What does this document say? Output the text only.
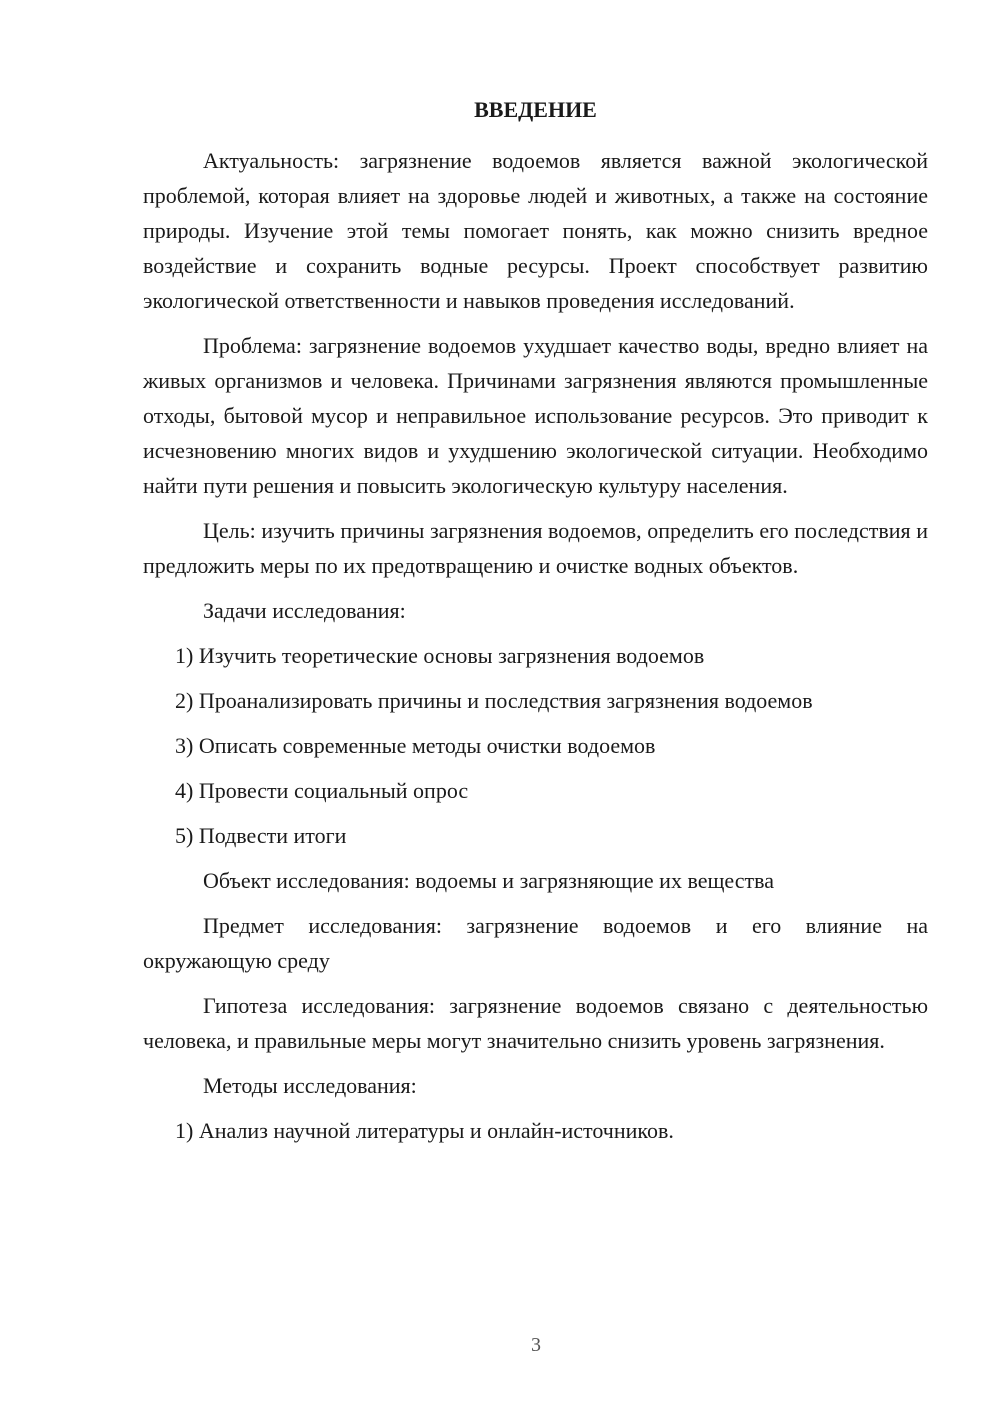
ВВЕДЕНИЕ

Актуальность: загрязнение водоемов является важной экологической проблемой, которая влияет на здоровье людей и животных, а также на состояние природы. Изучение этой темы помогает понять, как можно снизить вредное воздействие и сохранить водные ресурсы. Проект способствует развитию экологической ответственности и навыков проведения исследований.

Проблема: загрязнение водоемов ухудшает качество воды, вредно влияет на живых организмов и человека. Причинами загрязнения являются промышленные отходы, бытовой мусор и неправильное использование ресурсов. Это приводит к исчезновению многих видов и ухудшению экологической ситуации. Необходимо найти пути решения и повысить экологическую культуру населения.

Цель: изучить причины загрязнения водоемов, определить его последствия и предложить меры по их предотвращению и очистке водных объектов.

Задачи исследования:

1) Изучить теоретические основы загрязнения водоемов

2) Проанализировать причины и последствия загрязнения водоемов

3) Описать современные методы очистки водоемов

4) Провести социальный опрос

5) Подвести итоги

Объект исследования: водоемы и загрязняющие их вещества

Предмет исследования: загрязнение водоемов и его влияние на окружающую среду

Гипотеза исследования: загрязнение водоемов связано с деятельностью человека, и правильные меры могут значительно снизить уровень загрязнения.

Методы исследования:

1) Анализ научной литературы и онлайн-источников.

3
